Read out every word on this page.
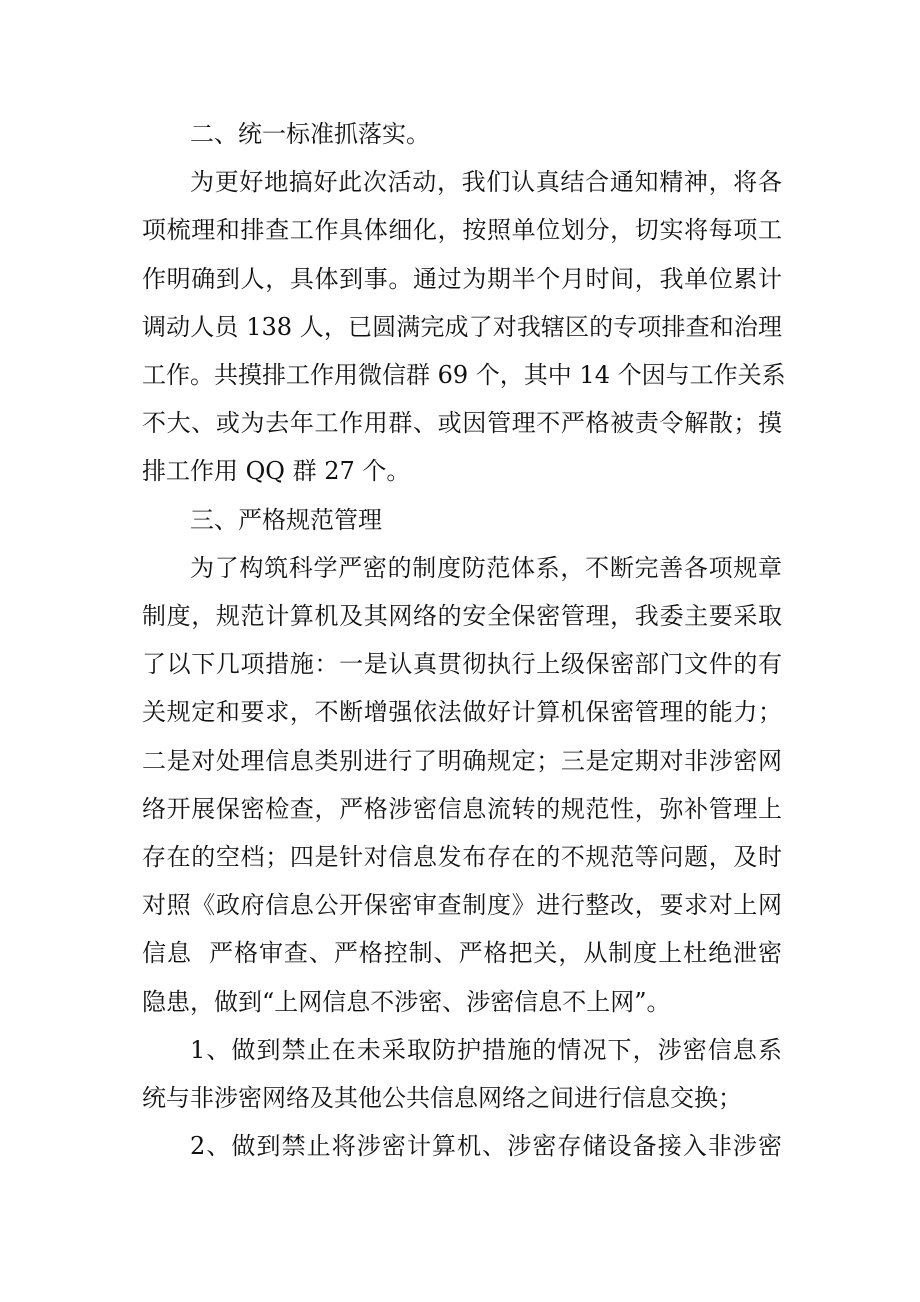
二、统一标准抓落实。

为更好地搞好此次活动，我们认真结合通知精神，将各
项梳理和排查工作具体细化，按照单位划分，切实将每项工
作明确到人，具体到事。通过为期半个月时间，我单位累计
调动人员 138 人，已圆满完成了对我辖区的专项排查和治理
工作。共摸排工作用微信群 69 个，其中 14 个因与工作关系
不大、或为去年工作用群、或因管理不严格被责令解散；摸
排工作用 QQ 群 27 个。

三、严格规范管理

为了构筑科学严密的制度防范体系，不断完善各项规章
制度，规范计算机及其网络的安全保密管理，我委主要采取
了以下几项措施：一是认真贯彻执行上级保密部门文件的有
关规定和要求，不断增强依法做好计算机保密管理的能力；
二是对处理信息类别进行了明确规定；三是定期对非涉密网
络开展保密检查，严格涉密信息流转的规范性，弥补管理上
存在的空档；四是针对信息发布存在的不规范等问题，及时
对照《政府信息公开保密审查制度》进行整改，要求对上网
信息  严格审查、严格控制、严格把关，从制度上杜绝泄密
隐患，做到“上网信息不涉密、涉密信息不上网”。
1、做到禁止在未采取防护措施的情况下，涉密信息系
统与非涉密网络及其他公共信息网络之间进行信息交换；
2、做到禁止将涉密计算机、涉密存储设备接入非涉密
